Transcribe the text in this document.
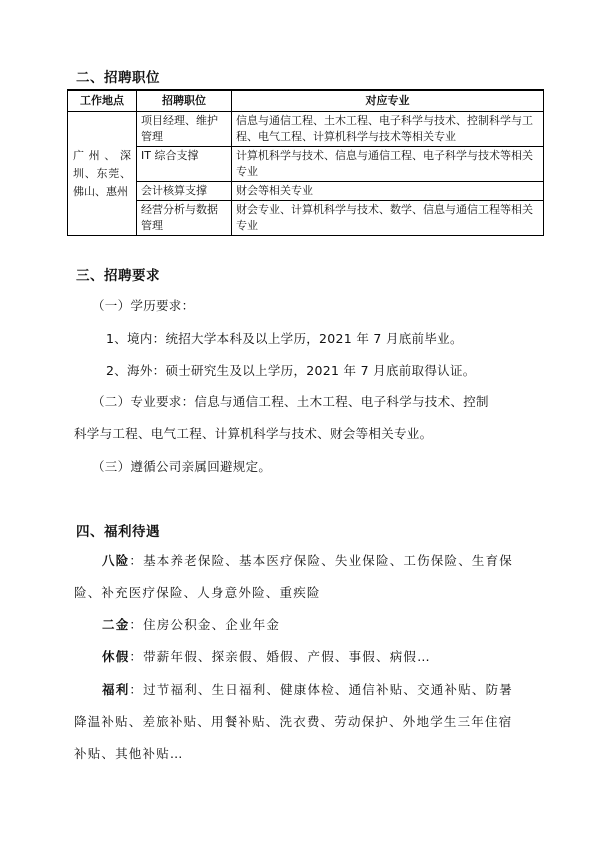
二、招聘职位
工作地点	招聘职位	对应专业
广州、深圳、东莞、佛山、惠州	项目经理、维护管理	信息与通信工程、土木工程、电子科学与技术、控制科学与工程、电气工程、计算机科学与技术等相关专业
	IT 综合支撑	计算机科学与技术、信息与通信工程、电子科学与技术等相关专业
	会计核算支撑	财会等相关专业
	经营分析与数据管理	财会专业、计算机科学与技术、数学、信息与通信工程等相关专业
三、招聘要求
（一）学历要求：
1、境内：统招大学本科及以上学历，2021 年 7 月底前毕业。
2、海外：硕士研究生及以上学历，2021 年 7 月底前取得认证。
（二）专业要求：信息与通信工程、土木工程、电子科学与技术、控制
科学与工程、电气工程、计算机科学与技术、财会等相关专业。
（三）遵循公司亲属回避规定。
四、福利待遇
八险：基本养老保险、基本医疗保险、失业保险、工伤保险、生育保
险、补充医疗保险、人身意外险、重疾险
二金：住房公积金、企业年金
休假：带薪年假、探亲假、婚假、产假、事假、病假…
福利：过节福利、生日福利、健康体检、通信补贴、交通补贴、防暑
降温补贴、差旅补贴、用餐补贴、洗衣费、劳动保护、外地学生三年住宿
补贴、其他补贴…
